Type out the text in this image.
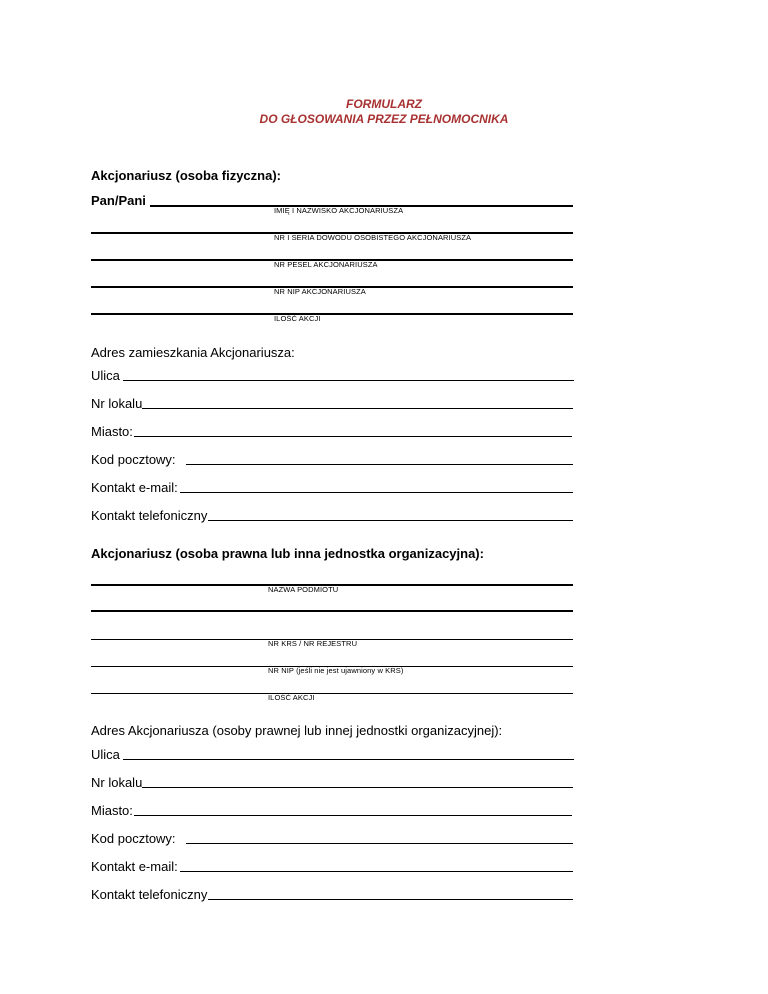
FORMULARZ
DO GŁOSOWANIA PRZEZ PEŁNOMOCNIKA
Akcjonariusz (osoba fizyczna):
Pan/Pani
IMIĘ I NAZWISKO AKCJONARIUSZA
NR I SERIA DOWODU OSOBISTEGO AKCJONARIUSZA
NR PESEL AKCJONARIUSZA
NR NIP AKCJONARIUSZA
ILOŚĆ AKCJI
Adres zamieszkania Akcjonariusza:
Ulica
Nr lokalu
Miasto:
Kod pocztowy:
Kontakt e-mail:
Kontakt telefoniczny
Akcjonariusz (osoba prawna lub inna jednostka organizacyjna):
NAZWA PODMIOTU
NR KRS / NR REJESTRU
NR NIP (jeśli nie jest ujawniony w KRS)
ILOŚĆ AKCJI
Adres Akcjonariusza (osoby prawnej lub innej jednostki organizacyjnej):
Ulica
Nr lokalu
Miasto:
Kod pocztowy:
Kontakt e-mail:
Kontakt telefoniczny
